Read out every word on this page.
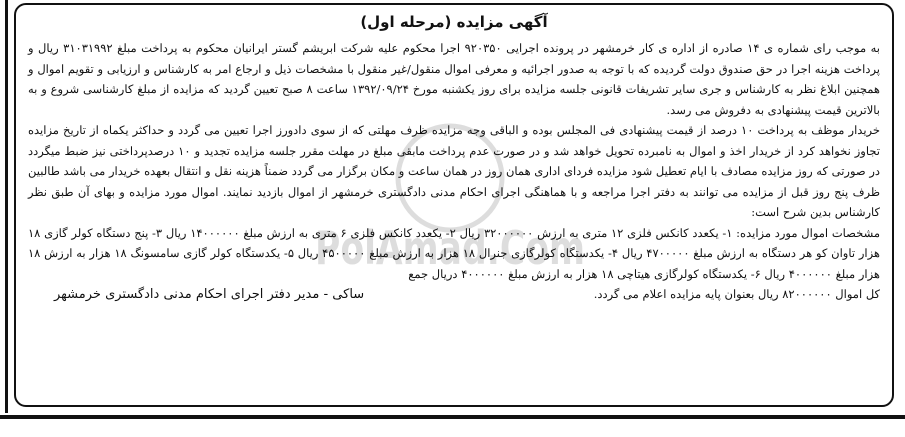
آگهی مزایده (مرحله اول)

به موجب رای شماره ی ۱۴ صادره از اداره ی کار خرمشهر در پرونده اجرایی ۹۲۰۳۵۰ اجرا محکوم علیه شرکت ابریشم گستر ایرانیان محکوم به پرداخت مبلغ ۳۱۰۳۱۹۹۲ ریال و پرداخت هزینه اجرا در حق صندوق دولت گردیده که با توجه به صدور اجرائیه و معرفی اموال منقول/غیر منقول با مشخصات ذیل و ارجاع امر به کارشناس و ارزیابی و تقویم اموال و همچنین ابلاغ نظر به کارشناس و جری سایر تشریفات قانونی جلسه مزایده برای روز یکشنبه مورخ ۱۳۹۲/۰۹/۲۴ ساعت ۸ صبح تعیین گردید که مزایده از مبلغ کارشناسی شروع و به بالاترین قیمت پیشنهادی به دفروش می رسد.

خریدار موظف به پرداخت ۱۰ درصد از قیمت پیشنهادی فی المجلس بوده و الباقی وجه مزایده ظرف مهلتی که از سوی دادورز اجرا تعیین می گردد و حداکثر یکماه از تاریخ مزایده تجاوز نخواهد کرد از خریدار اخذ و اموال به نامبرده تحویل خواهد شد و در صورت عدم پرداخت مابقی مبلغ در مهلت مقرر جلسه مزایده تجدید و ۱۰ درصدپرداختی نیز ضبط میگردد در صورتی که روز مزایده مصادف با ایام تعطیل شود مزایده فردای اداری همان روز در همان ساعت و مکان برگزار می گردد ضمناً هزینه نقل و انتقال بعهده خریدار می باشد طالبین ظرف پنج روز قبل از مزایده می توانند به دفتر اجرا مراجعه و با هماهنگی اجرای احکام مدنی دادگستری خرمشهر از اموال بازدید نمایند. اموال مورد مزایده و بهای آن طبق نظر کارشناس بدین شرح است:

مشخصات اموال مورد مزایده: ۱- یکعدد کانکس فلزی ۱۲ متری به ارزش ۳۲۰۰۰۰۰۰ ریال ۲- یکعدد کانکس فلزی ۶ متری به ارزش مبلغ ۱۴۰۰۰۰۰۰ ریال ۳- پنج دستگاه کولر گازی ۱۸ هزار تاوان کو هر دستگاه به ارزش مبلغ ۴۷۰۰۰۰۰ ریال ۴- یکدستگاه کولرگازی جنرال ۱۸ هزار به ارزش مبلغ ۴۵۰۰۰۰۰ ریال ۵- یکدستگاه کولر گازی سامسونگ ۱۸ هزار به ارزش ۱۸ هزار مبلغ ۴۰۰۰۰۰۰ ریال ۶- یکدستگاه کولرگازی هیتاچی ۱۸ هزار به ارزش مبلغ ۴۰۰۰۰۰۰ دریال جمع

کل اموال ۸۲۰۰۰۰۰۰ ریال بعنوان پایه مزایده اعلام می گردد.
ساکی - مدیر دفتر اجرای احکام مدنی دادگستری خرمشهر
PolAmad.Com
